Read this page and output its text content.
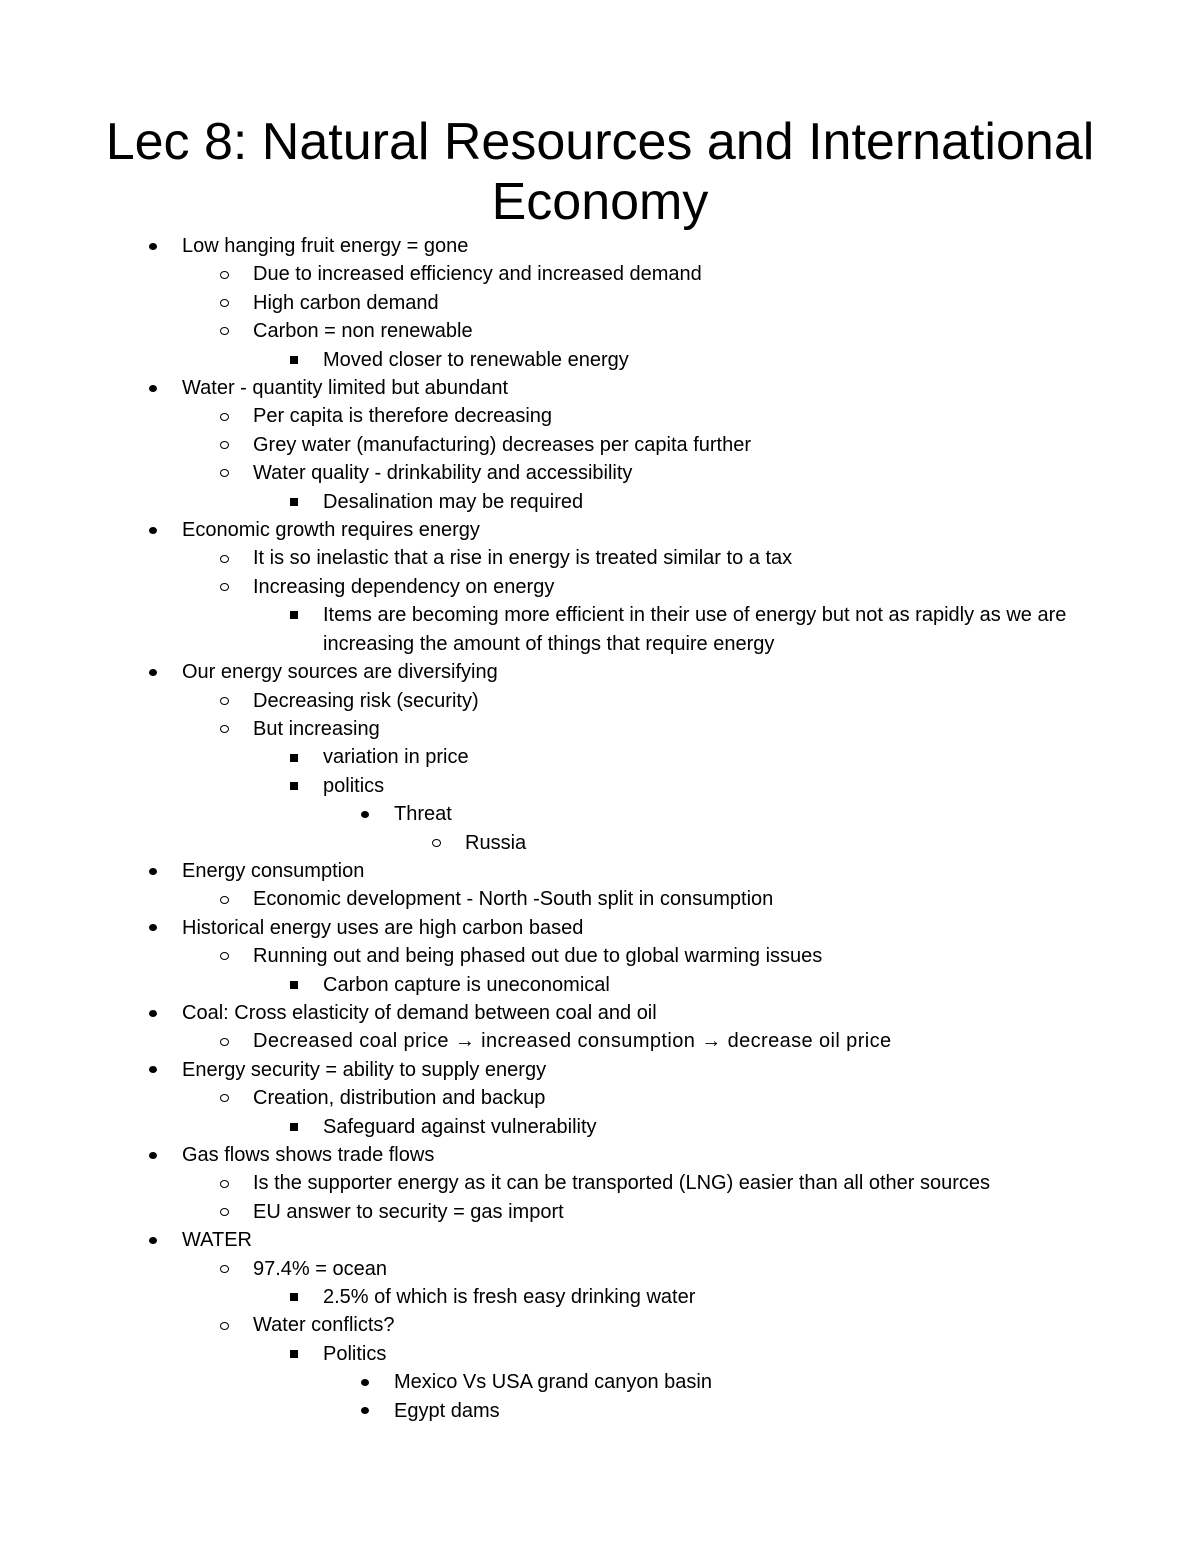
Lec 8: Natural Resources and International Economy
Low hanging fruit energy = gone
Due to increased efficiency and increased demand
High carbon demand
Carbon = non renewable
Moved closer to renewable energy
Water - quantity limited but abundant
Per capita is therefore decreasing
Grey water (manufacturing) decreases per capita further
Water quality - drinkability and accessibility
Desalination may be required
Economic growth requires energy
It is so inelastic that a rise in energy is treated similar to a tax
Increasing dependency on energy
Items are becoming more efficient in their use of energy but not as rapidly as we are increasing the amount of things that require energy
Our energy sources are diversifying
Decreasing risk (security)
But increasing
variation in price
politics
Threat
Russia
Energy consumption
Economic development - North -South split in consumption
Historical energy uses are high carbon based
Running out and being phased out due to global warming issues
Carbon capture is uneconomical
Coal: Cross elasticity of demand between coal and oil
Decreased coal price → increased consumption → decrease oil price
Energy security = ability to supply energy
Creation, distribution and backup
Safeguard against vulnerability
Gas flows shows trade flows
Is the supporter energy as it can be transported (LNG) easier than all other sources
EU answer to security = gas import
WATER
97.4% = ocean
2.5% of which is fresh easy drinking water
Water conflicts?
Politics
Mexico Vs USA grand canyon basin
Egypt dams
